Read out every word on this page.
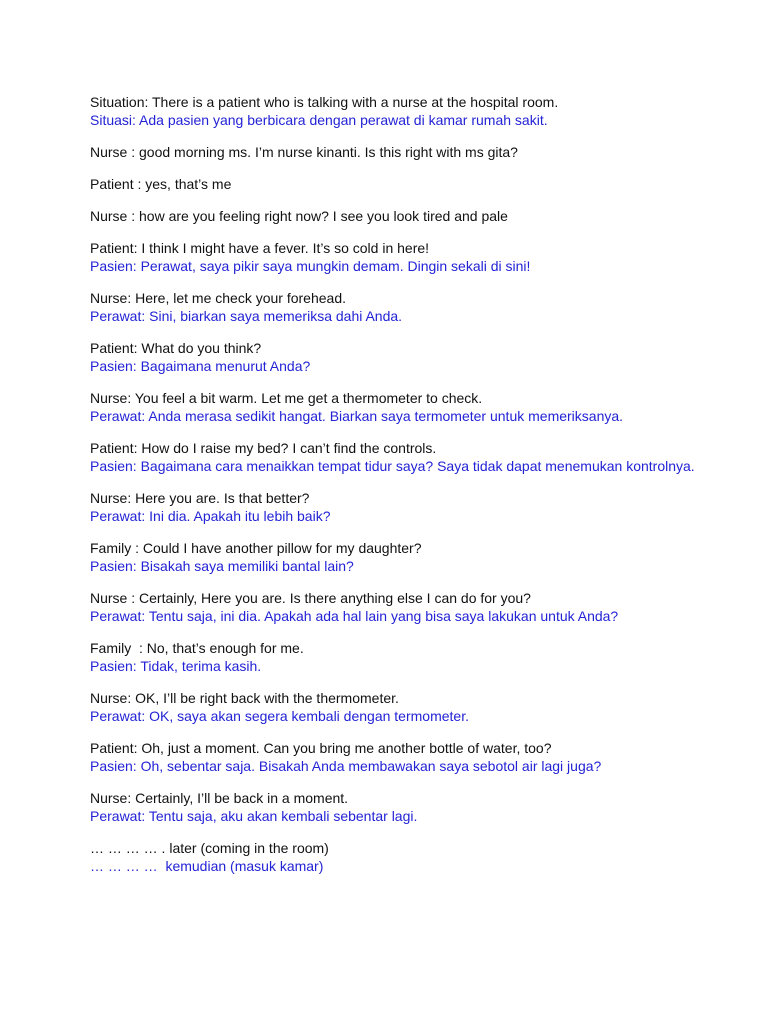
Situation: There is a patient who is talking with a nurse at the hospital room.
Situasi: Ada pasien yang berbicara dengan perawat di kamar rumah sakit.
Nurse : good morning ms. I’m nurse kinanti. Is this right with ms gita?
Patient : yes, that’s me
Nurse : how are you feeling right now? I see you look tired and pale
Patient: I think I might have a fever. It’s so cold in here!
Pasien: Perawat, saya pikir saya mungkin demam. Dingin sekali di sini!
Nurse: Here, let me check your forehead.
Perawat: Sini, biarkan saya memeriksa dahi Anda.
Patient: What do you think?
Pasien: Bagaimana menurut Anda?
Nurse: You feel a bit warm. Let me get a thermometer to check.
Perawat: Anda merasa sedikit hangat. Biarkan saya termometer untuk memeriksanya.
Patient: How do I raise my bed? I can’t find the controls.
Pasien: Bagaimana cara menaikkan tempat tidur saya? Saya tidak dapat menemukan kontrolnya.
Nurse: Here you are. Is that better?
Perawat: Ini dia. Apakah itu lebih baik?
Family : Could I have another pillow for my daughter?
Pasien: Bisakah saya memiliki bantal lain?
Nurse : Certainly, Here you are. Is there anything else I can do for you?
Perawat: Tentu saja, ini dia. Apakah ada hal lain yang bisa saya lakukan untuk Anda?
Family  : No, that’s enough for me.
Pasien: Tidak, terima kasih.
Nurse: OK, I’ll be right back with the thermometer.
Perawat: OK, saya akan segera kembali dengan termometer.
Patient: Oh, just a moment. Can you bring me another bottle of water, too?
Pasien: Oh, sebentar saja. Bisakah Anda membawakan saya sebotol air lagi juga?
Nurse: Certainly, I’ll be back in a moment.
Perawat: Tentu saja, aku akan kembali sebentar lagi.
… … … … . later (coming in the room)
… … … …  kemudian (masuk kamar)
